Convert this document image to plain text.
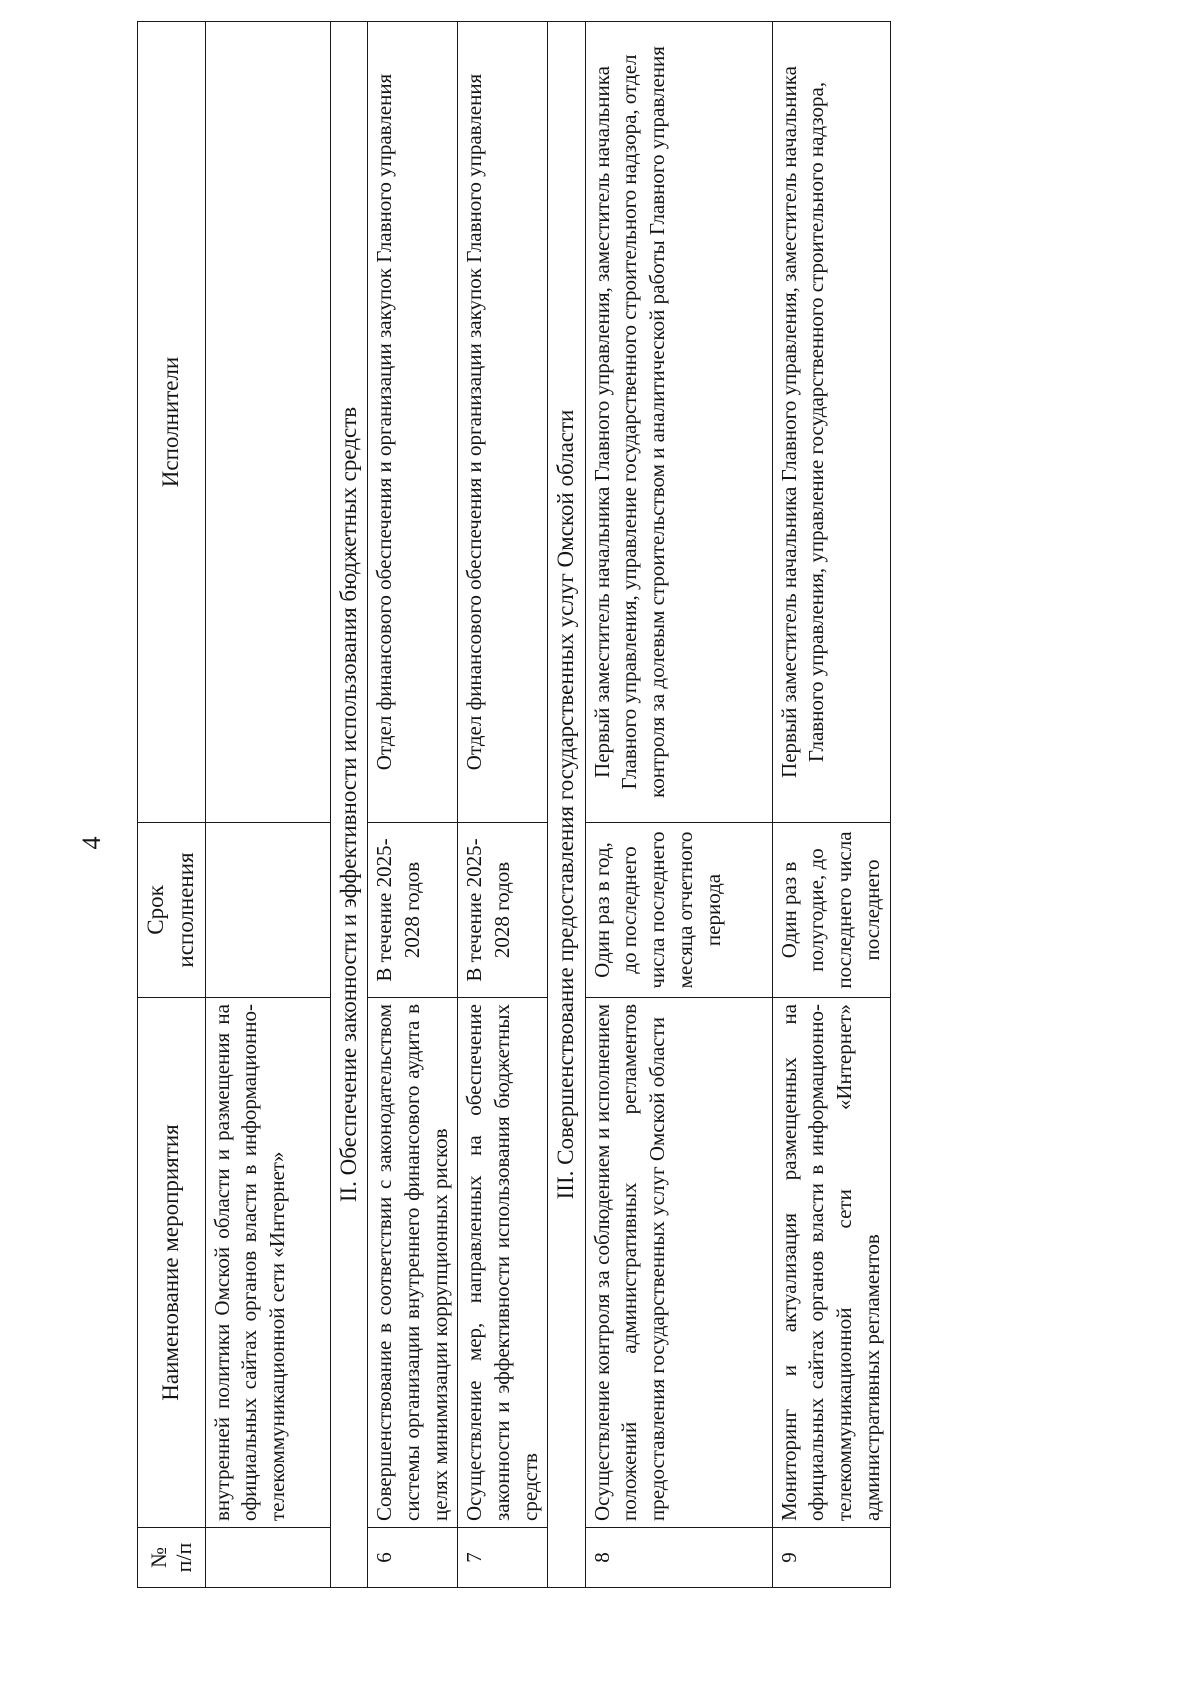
4
№ п/п	Наименование мероприятия	Срок исполнения	Исполнители
	внутренней политики Омской области и размещения на официальных сайтах органов власти в информационно-телекоммуникационной сети «Интернет»		
II. Обеспечение законности и эффективности использования бюджетных средств			
6	Совершенствование в соответствии с законодательством системы организации внутреннего финансового аудита в целях минимизации коррупционных рисков	В течение 2025-2028 годов	Отдел финансового обеспечения и организации закупок Главного управления
7	Осуществление мер, направленных на обеспечение законности и эффективности использования бюджетных средств	В течение 2025-2028 годов	Отдел финансового обеспечения и организации закупок Главного управления
III. Совершенствование предоставления государственных услуг Омской области			
8	Осуществление контроля за соблюдением и исполнением положений административных регламентов предоставления государственных услуг Омской области	Один раз в год, до последнего числа последнего месяца отчетного периода	Первый заместитель начальника Главного управления, заместитель начальника Главного управления, управление государственного строительного надзора, отдел контроля за долевым строительством и аналитической работы Главного управления
9	Мониторинг и актуализация размещенных на официальных сайтах органов власти в информационно-телекоммуникационной сети «Интернет» административных регламентов	Один раз в полугодие, до последнего числа последнего	Первый заместитель начальника Главного управления, заместитель начальника Главного управления, управление государственного строительного надзора,
